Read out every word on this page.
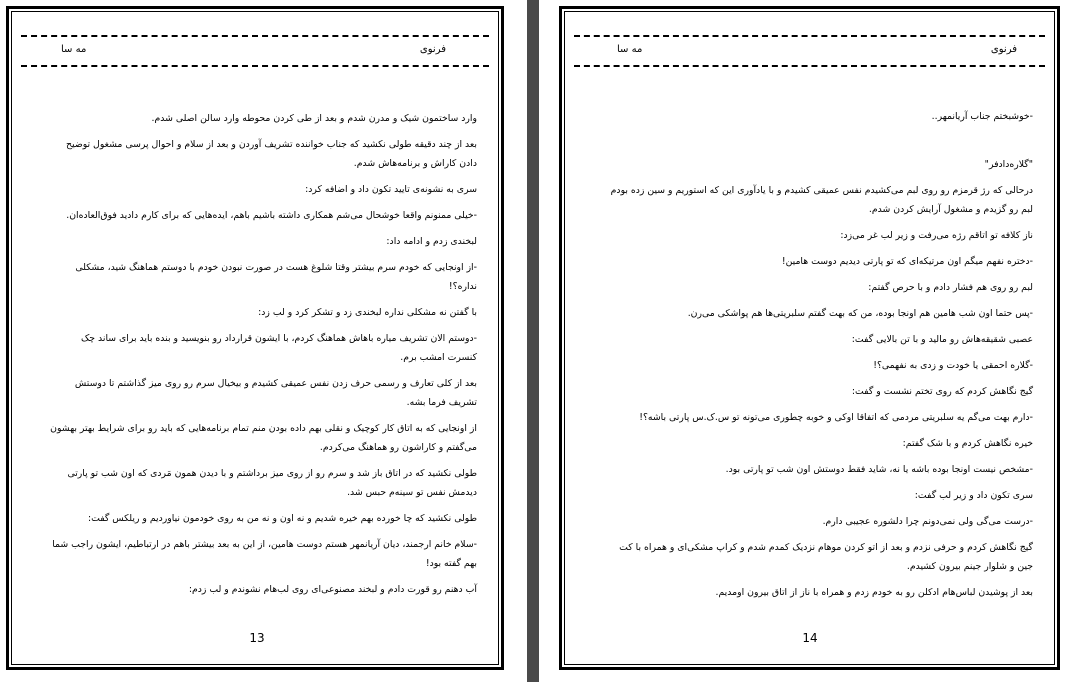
مه سا	فرنوی

وارد ساختمون شیک و مدرن شدم و بعد از طی کردن محوطه وارد سالن اصلی شدم.

بعد از چند دقیقه طولی نکشید که جناب خواننده تشریف آوردن و بعد از سلام و احوال پرسی مشغول توضیح دادن کاراش و برنامه‌هاش شدم.

سری به نشونه‌ی تایید تکون داد و اضافه کرد:

-خیلی ممنونم واقعا خوشحال می‌شم همکاری داشته باشیم باهم، ایده‌هایی که برای کارم دادید فوق‌العاده‌ان.

لبخندی زدم و ادامه داد:

-از اونجایی که خودم سرم بیشتر وقتا شلوغ هست در صورت نبودن خودم با دوستم هماهنگ شید، مشکلی نداره؟!

با گفتن نه مشکلی نداره لبخندی زد و تشکر کرد و لب زد:

-دوستم الان تشریف میاره باهاش هماهنگ کردم، با ایشون قرارداد رو بنویسید و بنده باید برای ساند چک کنسرت امشب برم.

بعد از کلی تعارف و رسمی حرف زدن نفس عمیقی کشیدم و بیخیال سرم رو روی میز گذاشتم تا دوستش تشریف فرما بشه.

از اونجایی که به اتاق کار کوچیک و نقلی بهم داده بودن منم تمام برنامه‌هایی که باید رو برای شرایط بهتر بهشون می‌گفتم و کاراشون رو هماهنگ می‌کردم.

طولی نکشید که در اتاق باز شد و سرم رو از روی میز برداشتم و با دیدن همون مَردی که اون شب تو پارتی دیدمش نفس تو سینه‌م حبس شد.

طولی نکشید که چا خورده بهم خیره شدیم و نه اون و نه من به روی خودمون نیاوردیم و ریلکس گفت:

-سلام خانم ارجمند، دیان آریانمهر هستم دوست هامین، از این به بعد بیشتر باهم در ارتباطیم، ایشون راجب شما بهم گفته بود!

آب دهنم رو قورت دادم و لبخند مصنوعی‌ای روی لب‌هام نشوندم و لب زدم:

13
مه سا	فرنوی

-خوشبختم جناب آریانمهر..

"گلاره‌دادفر"

درحالی که رژ قرمزم رو روی لبم می‌کشیدم نفس عمیقی کشیدم و با یادآوری این که استوریم و سین زده بودم لبم رو گزیدم و مشغول آرایش کردن شدم.

ناز کلافه تو اتاقم رژه می‌رفت و زیر لب غر می‌زد:

-دختره نفهم میگم اون مرتیکه‌ای که تو پارتی دیدیم دوست هامین!

لبم رو روی هم فشار دادم و با حرص گفتم:

-پس حتما اون شب هامین هم اونجا بوده، من که بهت گفتم سلبریتی‌ها هم پواشکی می‌رن.

عصبی شقیقه‌هاش رو مالید و با تن بالایی گفت:

-گلاره احمقی یا خودت و زدی به نفهمی؟!

گیج نگاهش کردم که روی تختم نشست و گفت:

-دارم بهت می‌گم یه سلبریتی مردمی که اتفاقا اوکی و خوبه چطوری می‌تونه تو س.ک.س پارتی باشه؟!

خیره نگاهش کردم و با شک گفتم:

-مشخص نیست اونجا بوده باشه یا نه، شاید فقط دوستش اون شب تو پارتی بود.

سری تکون داد و زیر لب گفت:

-درست می‌گی ولی نمی‌دونم چرا دلشوره عجیبی دارم.

گیج نگاهش کردم و حرفی نزدم و بعد از اتو کردن موهام نزدیک کمدم شدم و کراپ مشکی‌ای و همراه با کت جین و شلوار جینم بیرون کشیدم.

بعد از پوشیدن لباس‌هام ادکلن رو به خودم زدم و همراه با ناز از اتاق بیرون اومدیم.

14
